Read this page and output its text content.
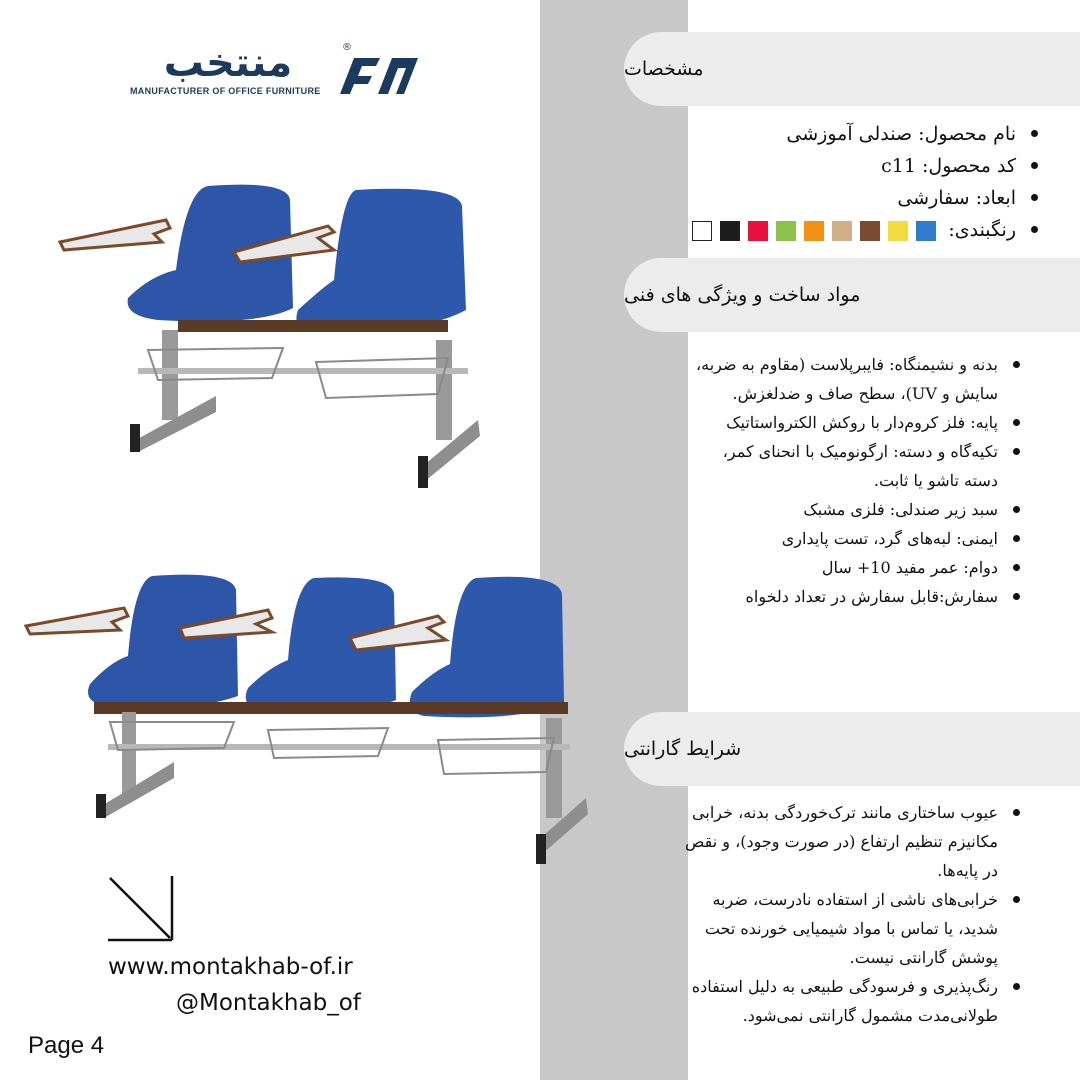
منتخب	®
MANUFACTURER OF OFFICE FURNITURE
مشخصات
نام محصول: صندلی آموزشی
کد محصول: c11
ابعاد: سفارشی
رنگبندی:
مواد ساخت و ویژگی های فنی
بدنه و نشیمنگاه: فایبرپلاست (مقاوم به ضربه، سایش و UV)، سطح صاف و ضدلغزش.
پایه: فلز کروم‌دار با روکش الکترواستاتیک
تکیه‌گاه و دسته: ارگونومیک با انحنای کمر، دسته تاشو یا ثابت.
سبد زیر صندلی: فلزی مشبک
ایمنی: لبه‌های گرد، تست پایداری
دوام: عمر مفید 10+ سال
سفارش:قابل سفارش در تعداد دلخواه
شرایط گارانتی
عیوب ساختاری مانند ترک‌خوردگی بدنه، خرابی مکانیزم تنظیم ارتفاع (در صورت وجود)، و نقص در پایه‌ها.
خرابی‌های ناشی از استفاده نادرست، ضربه شدید، یا تماس با مواد شیمیایی خورنده تحت پوشش گارانتی نیست.
رنگ‌پذیری و فرسودگی طبیعی به دلیل استفاده طولانی‌مدت مشمول گارانتی نمی‌شود.
www.montakhab-of.ir
@Montakhab_of
Page 4
